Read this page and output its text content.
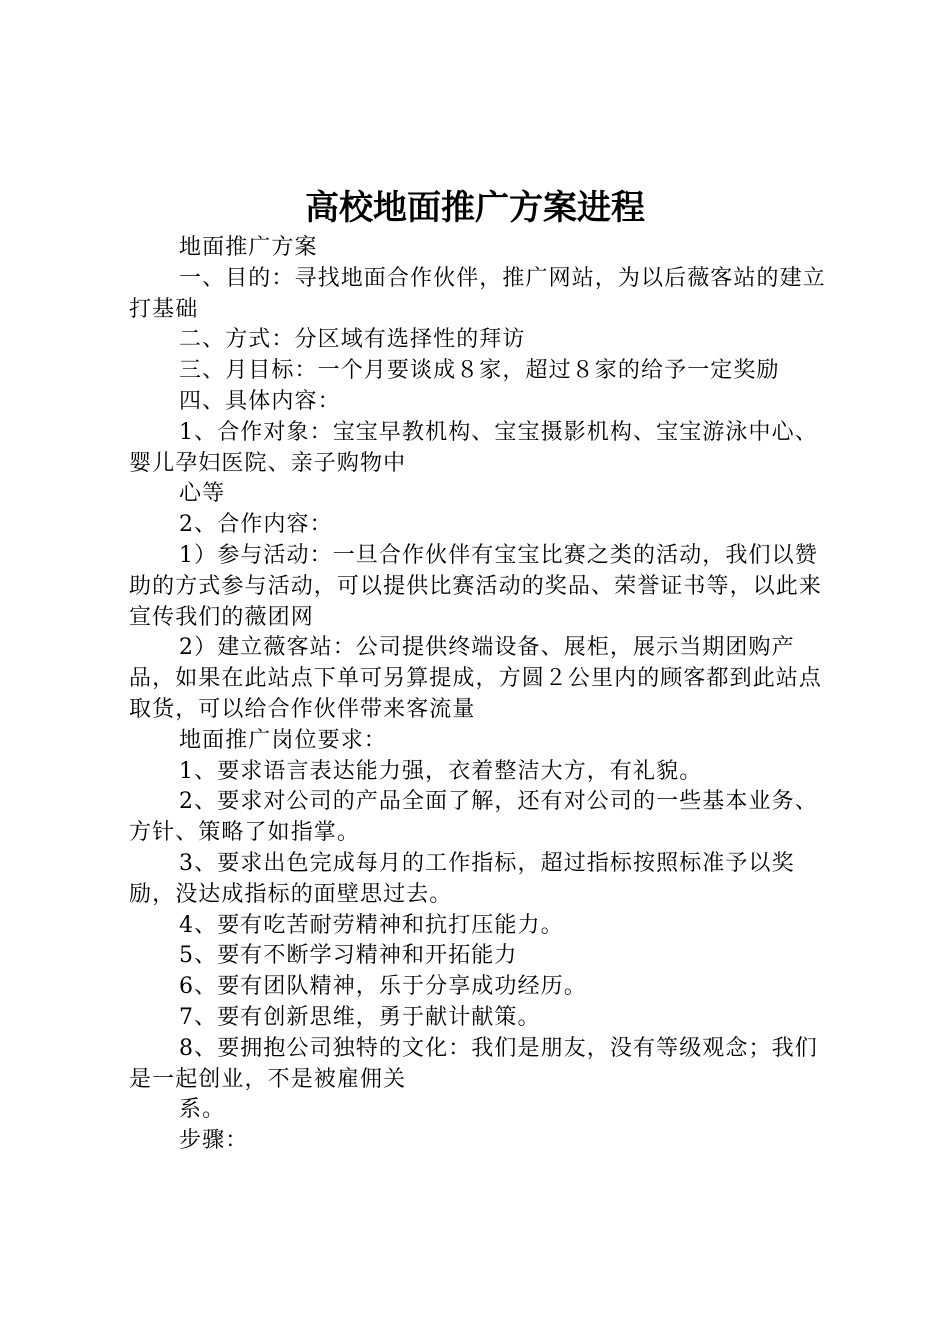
高校地面推广方案进程

地面推广方案

一、目的：寻找地面合作伙伴，推广网站，为以后薇客站的建立打基础

二、方式：分区域有选择性的拜访

三、月目标：一个月要谈成８家，超过８家的给予一定奖励

四、具体内容：

1、合作对象：宝宝早教机构、宝宝摄影机构、宝宝游泳中心、婴儿孕妇医院、亲子购物中

心等

2、合作内容：

1）参与活动：一旦合作伙伴有宝宝比赛之类的活动，我们以赞助的方式参与活动，可以提供比赛活动的奖品、荣誉证书等，以此来宣传我们的薇团网

2）建立薇客站：公司提供终端设备、展柜，展示当期团购产品，如果在此站点下单可另算提成，方圆２公里内的顾客都到此站点取货，可以给合作伙伴带来客流量

地面推广岗位要求：

1、要求语言表达能力强，衣着整洁大方，有礼貌。

2、要求对公司的产品全面了解，还有对公司的一些基本业务、方针、策略了如指掌。

3、要求出色完成每月的工作指标，超过指标按照标准予以奖励，没达成指标的面壁思过去。

4、要有吃苦耐劳精神和抗打压能力。

5、要有不断学习精神和开拓能力

6、要有团队精神，乐于分享成功经历。

7、要有创新思维，勇于献计献策。

8、要拥抱公司独特的文化：我们是朋友，没有等级观念；我们是一起创业，不是被雇佣关

系。

步骤：
